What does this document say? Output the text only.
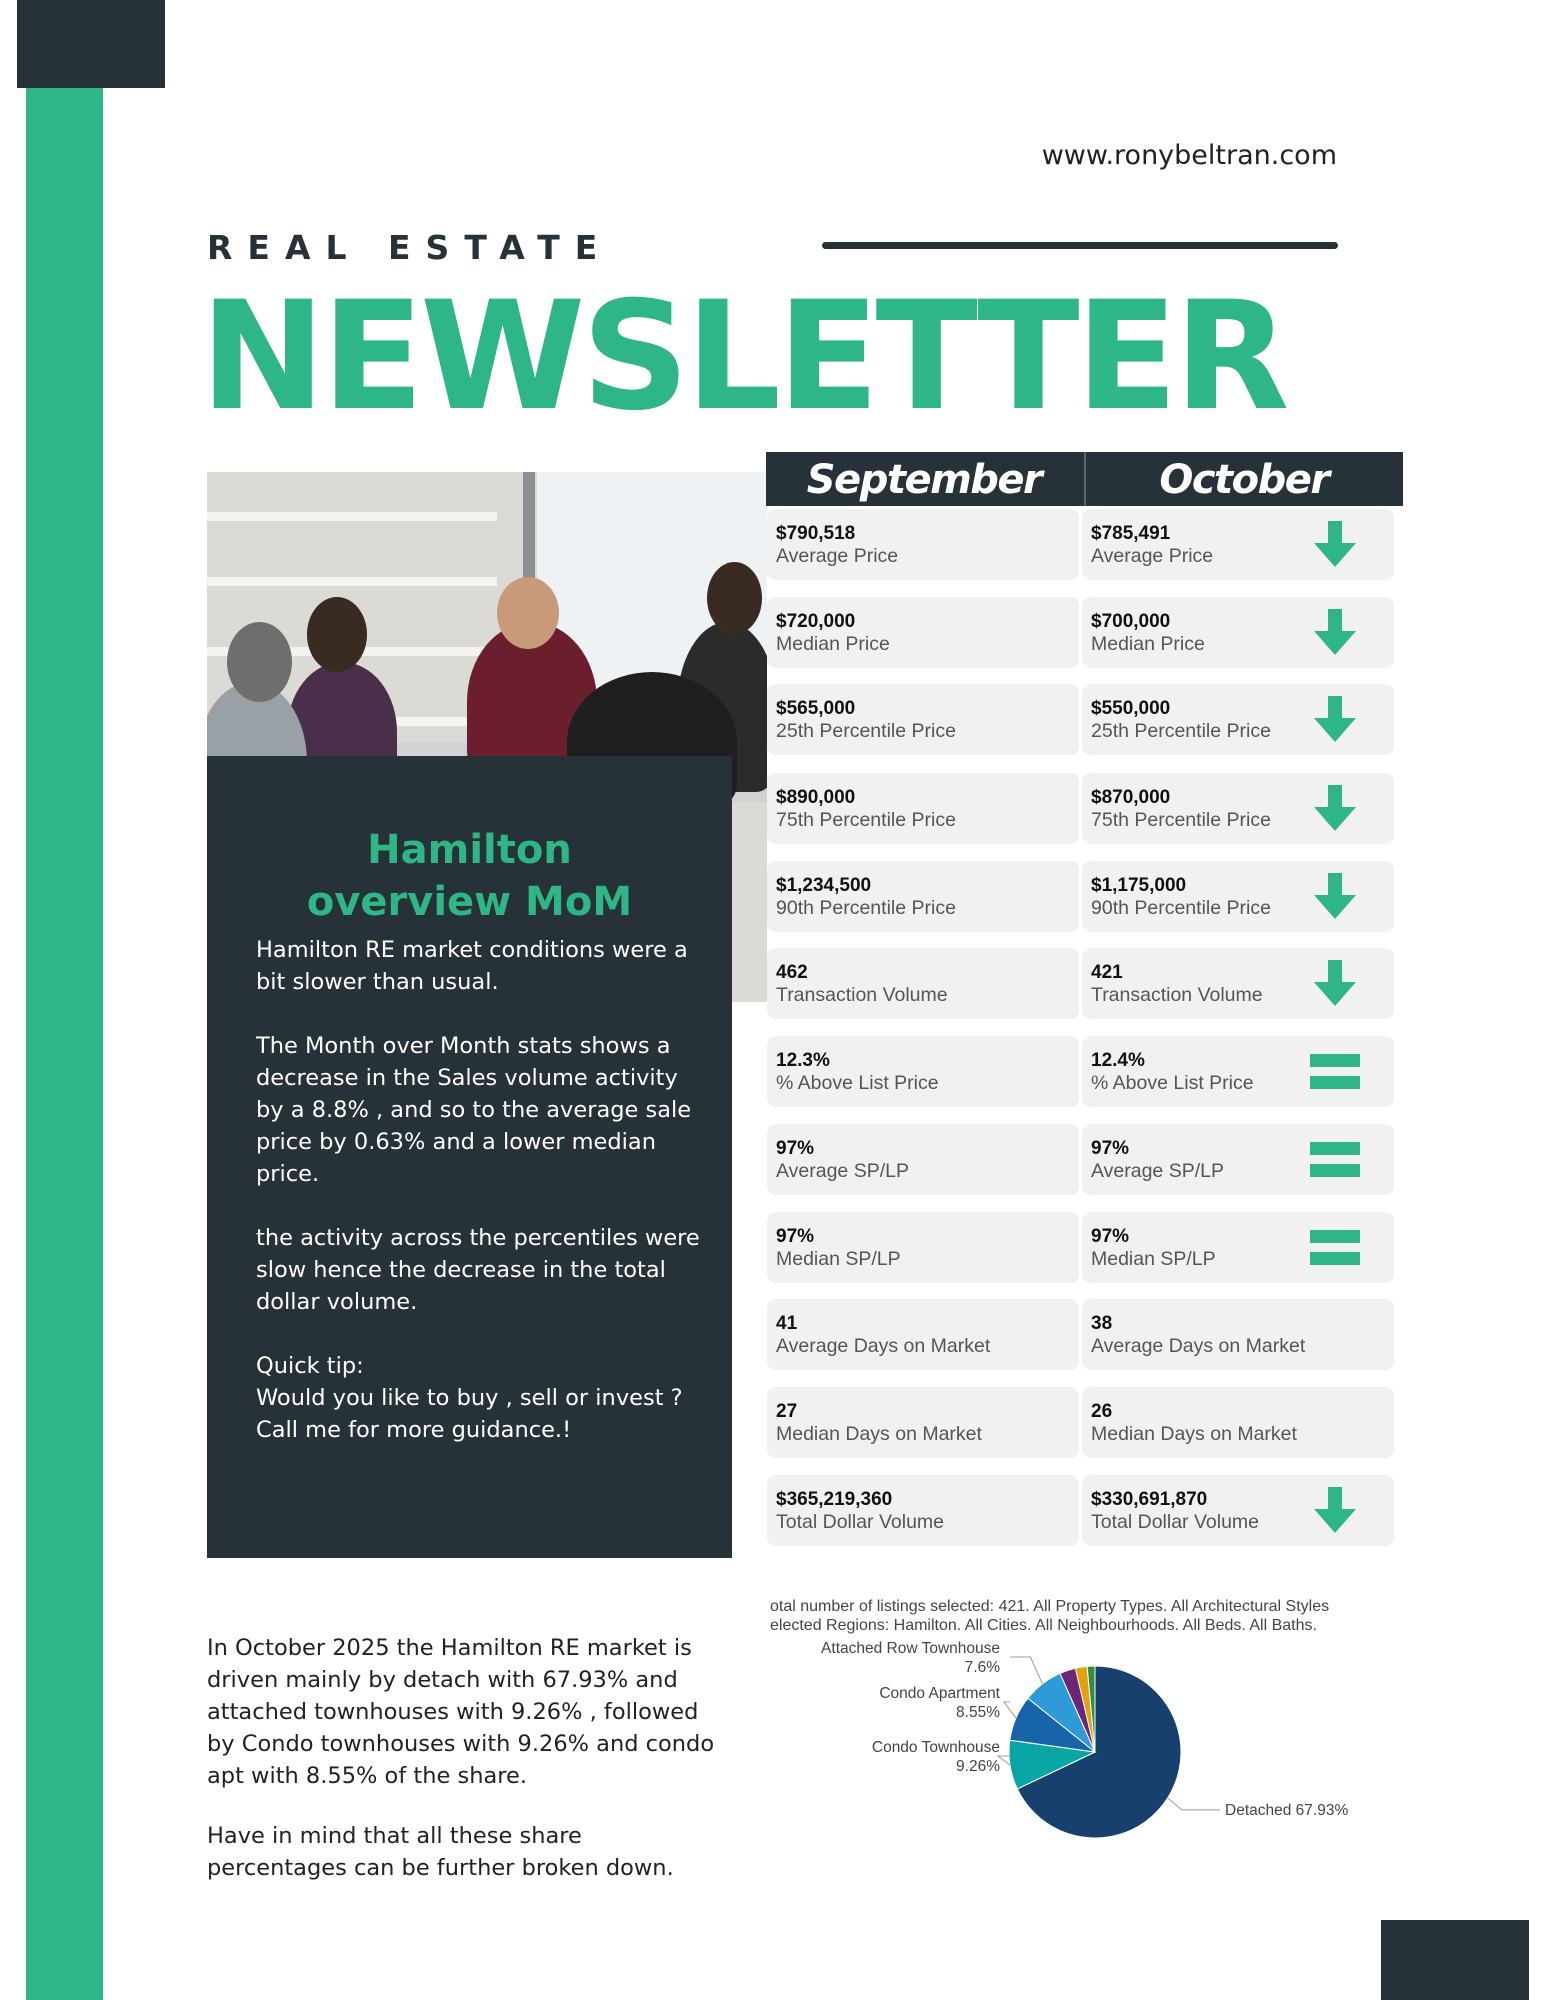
www.ronybeltran.com
REAL ESTATE
NEWSLETTER
Hamilton
overview MoM

Hamilton RE market conditions were a bit slower than usual.

The Month over Month stats shows a decrease in the Sales volume activity by a 8.8% , and so to the average sale price by 0.63% and a lower median price.

the activity across the percentiles were slow hence the decrease in the total dollar volume.

Quick tip:
Would you like to buy , sell or invest ? Call me for more guidance.!

September	October
$790,518
Average Price
$785,491
Average Price
$720,000
Median Price
$700,000
Median Price
$565,000
25th Percentile Price
$550,000
25th Percentile Price
$890,000
75th Percentile Price
$870,000
75th Percentile Price
$1,234,500
90th Percentile Price
$1,175,000
90th Percentile Price
462
Transaction Volume
421
Transaction Volume
12.3%
% Above List Price
12.4%
% Above List Price
97%
Average SP/LP
97%
Average SP/LP
97%
Median SP/LP
97%
Median SP/LP
41
Average Days on Market
38
Average Days on Market
27
Median Days on Market
26
Median Days on Market
$365,219,360
Total Dollar Volume
$330,691,870
Total Dollar Volume

In October 2025 the Hamilton RE market is driven mainly by detach with 67.93% and attached townhouses with 9.26% , followed by Condo townhouses with 9.26% and condo apt with 8.55% of the share.

Have in mind that all these share percentages can be further broken down.

otal number of listings selected: 421. All Property Types. All Architectural Styles
elected Regions: Hamilton. All Cities. All Neighbourhoods. All Beds. All Baths.
Detached 67.93%
Condo Townhouse
9.26%
Condo Apartment
8.55%
Attached Row Townhouse
7.6%
